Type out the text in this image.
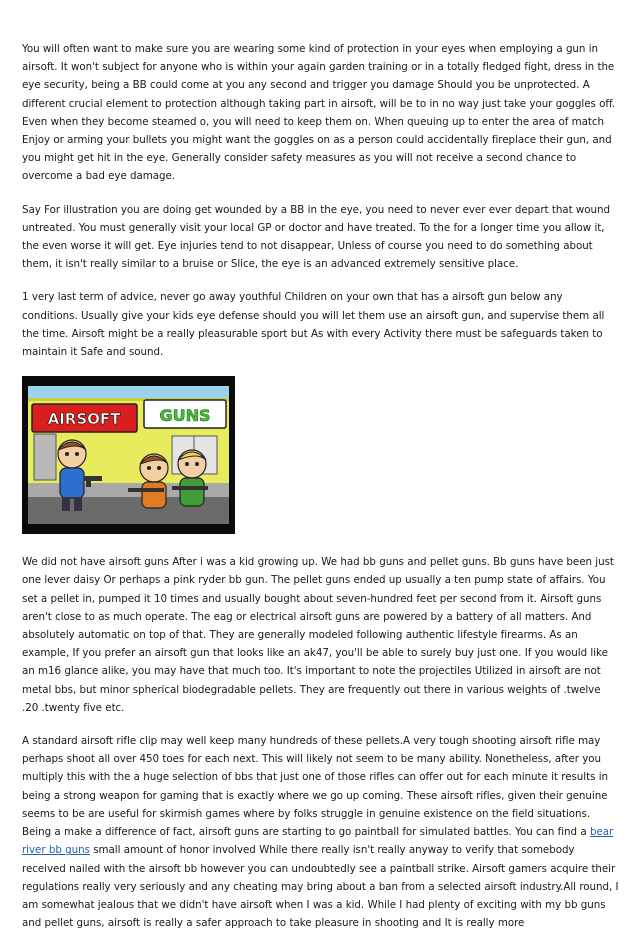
You will often want to make sure you are wearing some kind of protection in your eyes when employing a gun in airsoft. It won't subject for anyone who is within your again garden training or in a totally fledged fight, dress in the eye security, being a BB could come at you any second and trigger you damage Should you be unprotected. A different crucial element to protection although taking part in airsoft, will be to in no way just take your goggles off. Even when they become steamed o, you will need to keep them on. When queuing up to enter the area of match Enjoy or arming your bullets you might want the goggles on as a person could accidentally fireplace their gun, and you might get hit in the eye. Generally consider safety measures as you will not receive a second chance to overcome a bad eye damage.

Say For illustration you are doing get wounded by a BB in the eye, you need to never ever ever depart that wound untreated. You must generally visit your local GP or doctor and have treated. To the for a longer time you allow it, the even worse it will get. Eye injuries tend to not disappear, Unless of course you need to do something about them, it isn't really similar to a bruise or Slice, the eye is an advanced extremely sensitive place.

1 very last term of advice, never go away youthful Children on your own that has a airsoft gun below any conditions. Usually give your kids eye defense should you will let them use an airsoft gun, and supervise them all the time. Airsoft might be a really pleasurable sport but As with every Activity there must be safeguards taken to maintain it Safe and sound.

AIRSOFT GUNS

We did not have airsoft guns After i was a kid growing up. We had bb guns and pellet guns. Bb guns have been just one lever daisy Or perhaps a pink ryder bb gun. The pellet guns ended up usually a ten pump state of affairs. You set a pellet in, pumped it 10 times and usually bought about seven-hundred feet per second from it. Airsoft guns aren't close to as much operate. The eag or electrical airsoft guns are powered by a battery of all matters. And absolutely automatic on top of that. They are generally modeled following authentic lifestyle firearms. As an example, If you prefer an airsoft gun that looks like an ak47, you'll be able to surely buy just one. If you would like an m16 glance alike, you may have that much too. It's important to note the projectiles Utilized in airsoft are not metal bbs, but minor spherical biodegradable pellets. They are frequently out there in various weights of .twelve .20 .twenty five etc.

A standard airsoft rifle clip may well keep many hundreds of these pellets.A very tough shooting airsoft rifle may perhaps shoot all over 450 toes for each next. This will likely not seem to be many ability. Nonetheless, after you multiply this with the a huge selection of bbs that just one of those rifles can offer out for each minute it results in being a strong weapon for gaming that is exactly where we go up coming. These airsoft rifles, given their genuine seems to be are useful for skirmish games where by folks struggle in genuine existence on the field situations. Being a make a difference of fact, airsoft guns are starting to go paintball for simulated battles. You can find a bear river bb guns small amount of honor involved While there really isn't really anyway to verify that somebody received nailed with the airsoft bb however you can undoubtedly see a paintball strike. Airsoft gamers acquire their regulations really very seriously and any cheating may bring about a ban from a selected airsoft industry.All round, I am somewhat jealous that we didn't have airsoft when I was a kid. While I had plenty of exciting with my bb guns and pellet guns, airsoft is really a safer approach to take pleasure in shooting and It is really more
